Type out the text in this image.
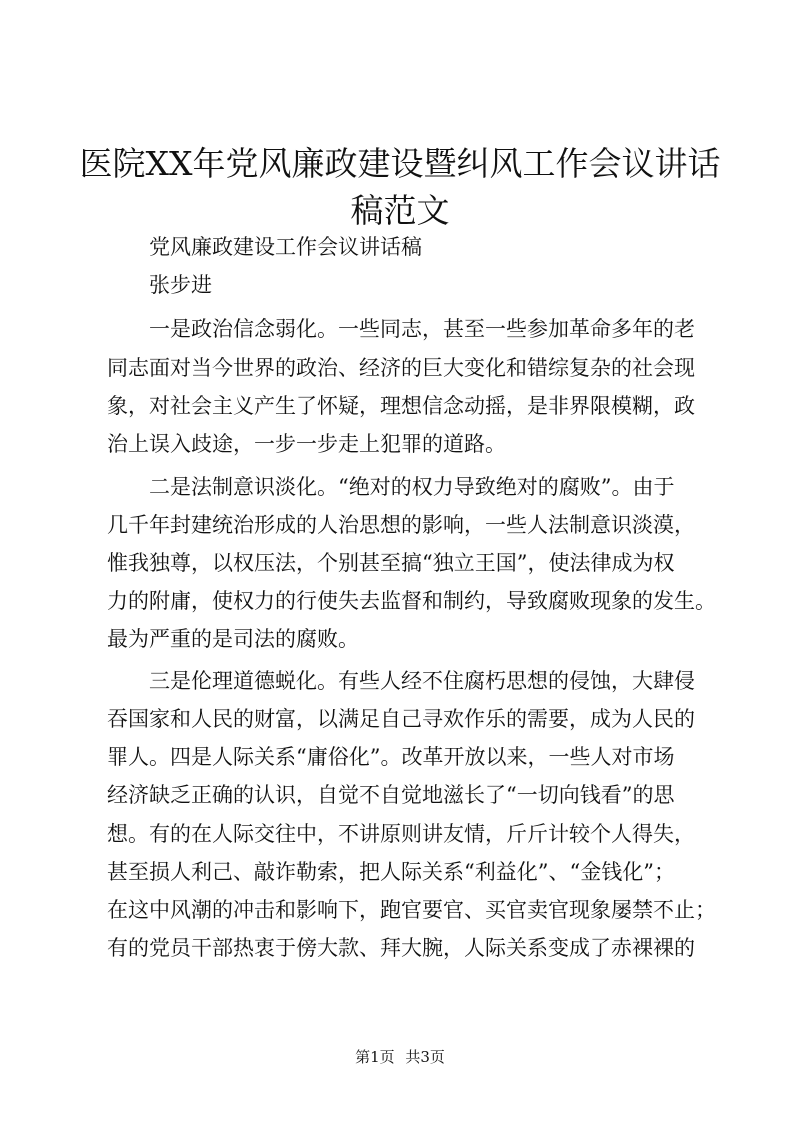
医院XX年党风廉政建设暨纠风工作会议讲话
稿范文

　　党风廉政建设工作会议讲话稿

　　张步进

　　一是政治信念弱化。一些同志，甚至一些参加革命多年的老

同志面对当今世界的政治、经济的巨大变化和错综复杂的社会现

象，对社会主义产生了怀疑，理想信念动摇，是非界限模糊，政

治上误入歧途，一步一步走上犯罪的道路。

　　二是法制意识淡化。“绝对的权力导致绝对的腐败”。由于

几千年封建统治形成的人治思想的影响，一些人法制意识淡漠，

惟我独尊，以权压法，个别甚至搞“独立王国”，使法律成为权

力的附庸，使权力的行使失去监督和制约，导致腐败现象的发生。

最为严重的是司法的腐败。

　　三是伦理道德蜕化。有些人经不住腐朽思想的侵蚀，大肆侵

吞国家和人民的财富，以满足自己寻欢作乐的需要，成为人民的

罪人。四是人际关系“庸俗化”。改革开放以来，一些人对市场

经济缺乏正确的认识，自觉不自觉地滋长了“一切向钱看”的思

想。有的在人际交往中，不讲原则讲友情，斤斤计较个人得失，

甚至损人利己、敲诈勒索，把人际关系“利益化”、“金钱化”；

在这中风潮的冲击和影响下，跑官要官、买官卖官现象屡禁不止；

有的党员干部热衷于傍大款、拜大腕，人际关系变成了赤裸裸的

第1页 共3页
